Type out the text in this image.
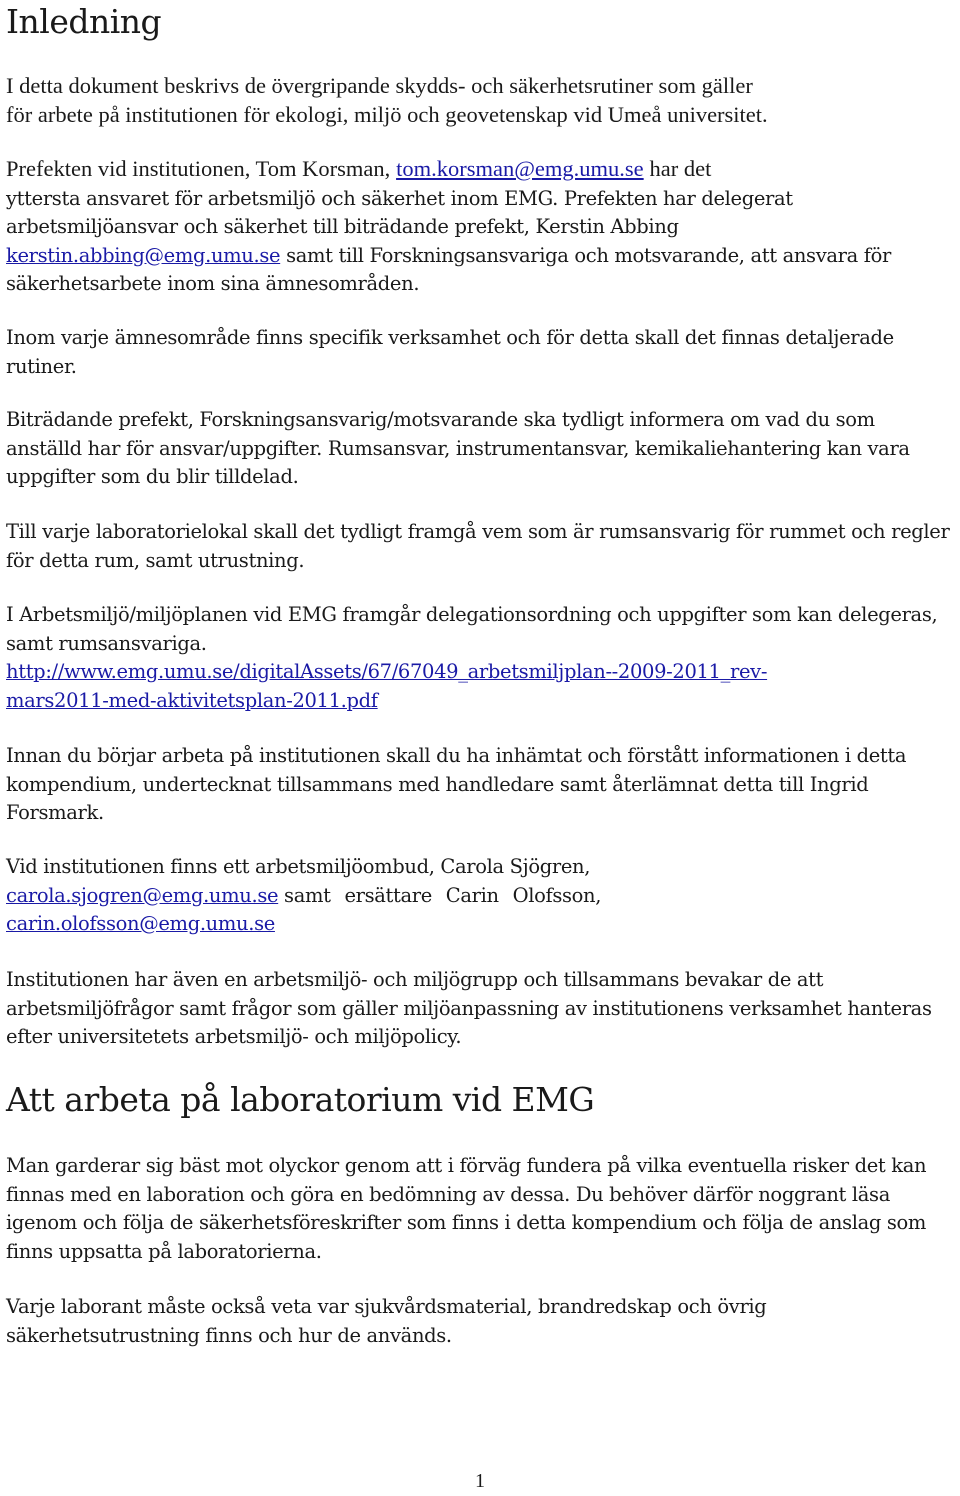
Inledning

I detta dokument beskrivs de övergripande skydds- och säkerhetsrutiner som gäller
för arbete på institutionen för ekologi, miljö och geovetenskap vid Umeå universitet.

Prefekten vid institutionen, Tom Korsman, tom.korsman@emg.umu.se har det
yttersta ansvaret för arbetsmiljö och säkerhet inom EMG. Prefekten har delegerat arbetsmiljöansvar och säkerhet till biträdande prefekt, Kerstin Abbing kerstin.abbing@emg.umu.se samt till Forskningsansvariga och motsvarande, att ansvara för säkerhetsarbete inom sina ämnesområden.

Inom varje ämnesområde finns specifik verksamhet och för detta skall det finnas detaljerade rutiner.

Biträdande prefekt, Forskningsansvarig/motsvarande ska tydligt informera om vad du som anställd har för ansvar/uppgifter. Rumsansvar, instrumentansvar, kemikaliehantering kan vara uppgifter som du blir tilldelad.

Till varje laboratorielokal skall det tydligt framgå vem som är rumsansvarig för rummet och regler för detta rum, samt utrustning.

I Arbetsmiljö/miljöplanen vid EMG framgår delegationsordning och uppgifter som kan delegeras, samt rumsansvariga.
http://www.emg.umu.se/digitalAssets/67/67049_arbetsmiljplan--2009-2011_rev-
mars2011-med-aktivitetsplan-2011.pdf

Innan du börjar arbeta på institutionen skall du ha inhämtat och förstått informationen i detta kompendium, undertecknat tillsammans med handledare samt återlämnat detta till Ingrid Forsmark.

Vid institutionen finns ett arbetsmiljöombud, Carola Sjögren,
carola.sjogren@emg.umu.se samt ersättare Carin Olofsson,
carin.olofsson@emg.umu.se

Institutionen har även en arbetsmiljö- och miljögrupp och tillsammans bevakar de att arbetsmiljöfrågor samt frågor som gäller miljöanpassning av institutionens verksamhet hanteras efter universitetets arbetsmiljö- och miljöpolicy.

Att arbeta på laboratorium vid EMG

Man garderar sig bäst mot olyckor genom att i förväg fundera på vilka eventuella risker det kan finnas med en laboration och göra en bedömning av dessa. Du behöver därför noggrant läsa igenom och följa de säkerhetsföreskrifter som finns i detta kompendium och följa de anslag som finns uppsatta på laboratorierna.

Varje laborant måste också veta var sjukvårdsmaterial, brandredskap och övrig säkerhetsutrustning finns och hur de används.

1
